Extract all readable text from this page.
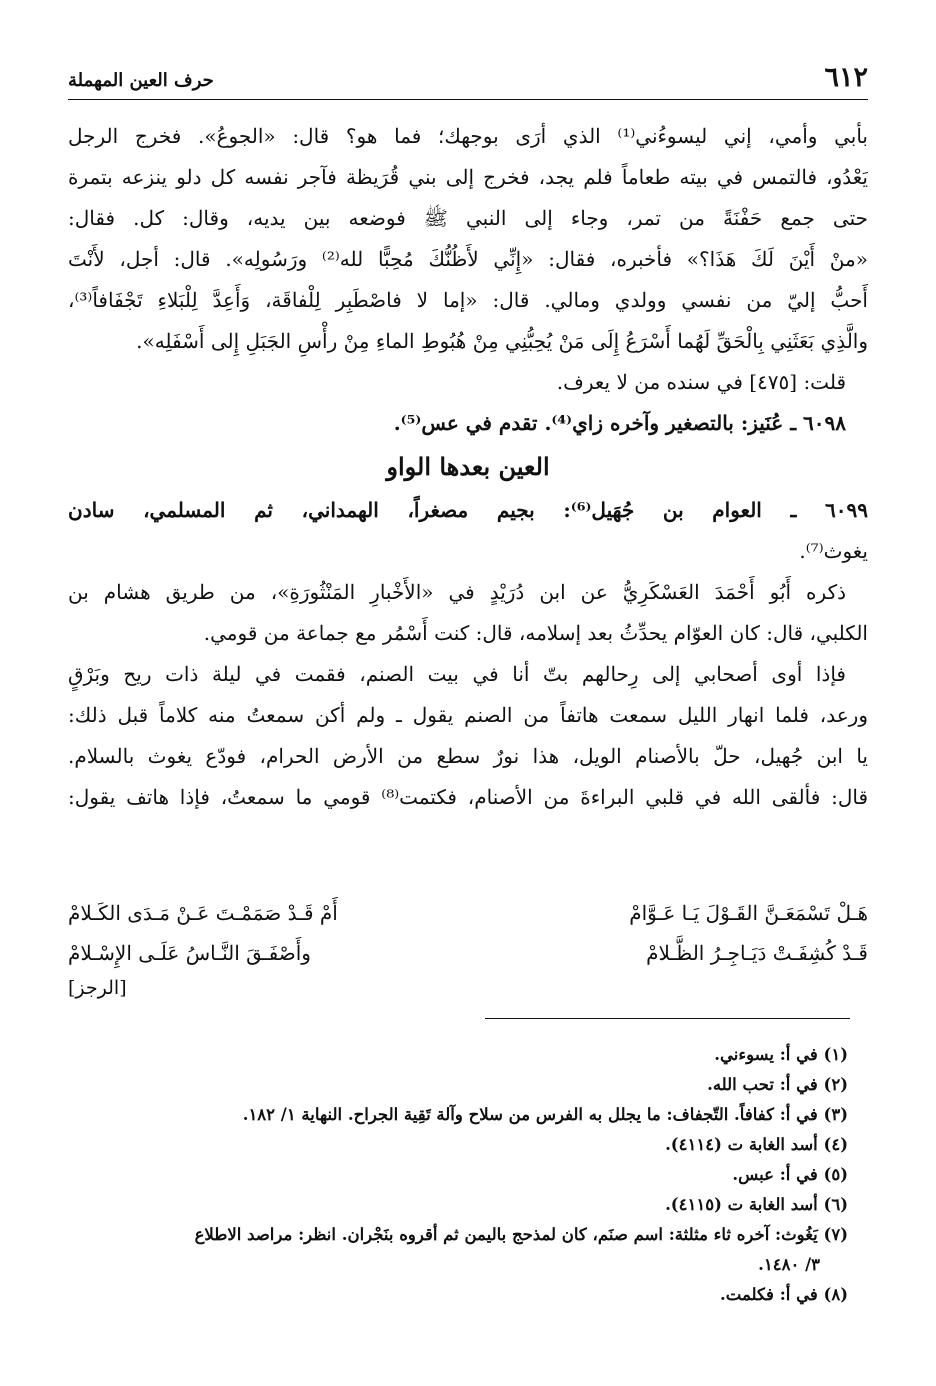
٦١٢
حرف العين المهملة
بأبي وأمي، إني ليسوءُني⁽¹⁾ الذي أرَى بوجهك؛ فما هو؟ قال: «الجوعُ». فخرج الرجل
يَعْدُو، فالتمس في بيته طعاماً فلم يجد، فخرج إلى بني قُرَيظة فآجر نفسه كل دلو ينزعه بتمرة
حتى جمع حَفْنَةً من تمر، وجاء إلى النبي ﷺ فوضعه بين يديه، وقال: كل. فقال:
«منْ أَيْنَ لَكَ هَذَا؟» فأخبره، فقال: «إِنِّي لأَظُنُّكَ مُحِبًّا لله⁽²⁾ ورَسُولِه». قال: أجل، لأَنْتَ
أَحبُّ إليّ من نفسي وولدي ومالي. قال: «إما لا فاصْطَبِر لِلْفاقَة، وَأَعِدَّ لِلْبَلاءِ تَجْفَافاً⁽³⁾،
والَّذِي بَعَثَنِي بِالْحَقِّ لَهُما أَسْرَعُ إِلَى مَنْ يُحِبُّنِي مِنْ هُبُوطِ الماءِ مِنْ رأْسِ الجَبَلِ إِلى أَسْفَلِه».
قلت: [٤٧٥] في سنده من لا يعرف.
٦٠٩٨ ـ عُنَيز: بالتصغير وآخره زاي⁽⁴⁾. تقدم في عس⁽⁵⁾.
العين بعدها الواو
٦٠٩٩ ـ العوام بن جُهَيل⁽⁶⁾: بجيم مصغراً، الهمداني، ثم المسلمي، سادن
يغوث⁽⁷⁾.
ذكره أَبُو أَحْمَدَ العَسْكَرِيُّ عن ابن دُرَيْدٍ في «الأَخْبارِ المَنْثُورَةِ»، من طريق هشام بن
الكلبي، قال: كان العوّام يحدِّثُ بعد إسلامه، قال: كنت أَسْمُر مع جماعة من قومي.
فإذا أوى أصحابي إلى رِحالهم بتّ أنا في بيت الصنم، فقمت في ليلة ذات ريح وبَرْقٍ
ورعد، فلما انهار الليل سمعت هاتفاً من الصنم يقول ـ ولم أكن سمعتُ منه كلاماً قبل ذلك:
يا ابن جُهيل، حلّ بالأصنام الويل، هذا نورٌ سطع من الأرض الحرام، فودّع يغوث بالسلام.
قال: فألقى الله في قلبي البراءةَ من الأصنام، فكتمت⁽⁸⁾ قومي ما سمعتُ، فإذا هاتف يقول:
هَـلْ تَسْمَعَـنَّ القَـوْلَ يَـا عَـوَّامْ
أَمْ قَـدْ صَمَمْـتَ عَـنْ مَـدَى الكَـلامْ
قَـدْ كُشِفَـتْ دَيَـاجِـرُ الظَّـلامْ
وأَصْفَـقَ النَّـاسُ عَلَـى الإِسْـلامْ
[الرجز]
(١) في أ: يسوءني.
(٢) في أ: تحب الله.
(٣) في أ: كفافاً. التّجفاف: ما يجلل به الفرس من سلاح وآلة تَقِية الجراح. النهاية ١/ ١٨٢.
(٤) أسد الغابة ت (٤١١٤).
(٥) في أ: عبس.
(٦) أسد الغابة ت (٤١١٥).
(٧) يَغُوث: آخره ثاء مثلثة: اسم صنَم، كان لمذحج باليمن ثم أقروه بنَجْران. انظر: مراصد الاطلاع
٣/ ١٤٨٠.
(٨) في أ: فكلمت.
